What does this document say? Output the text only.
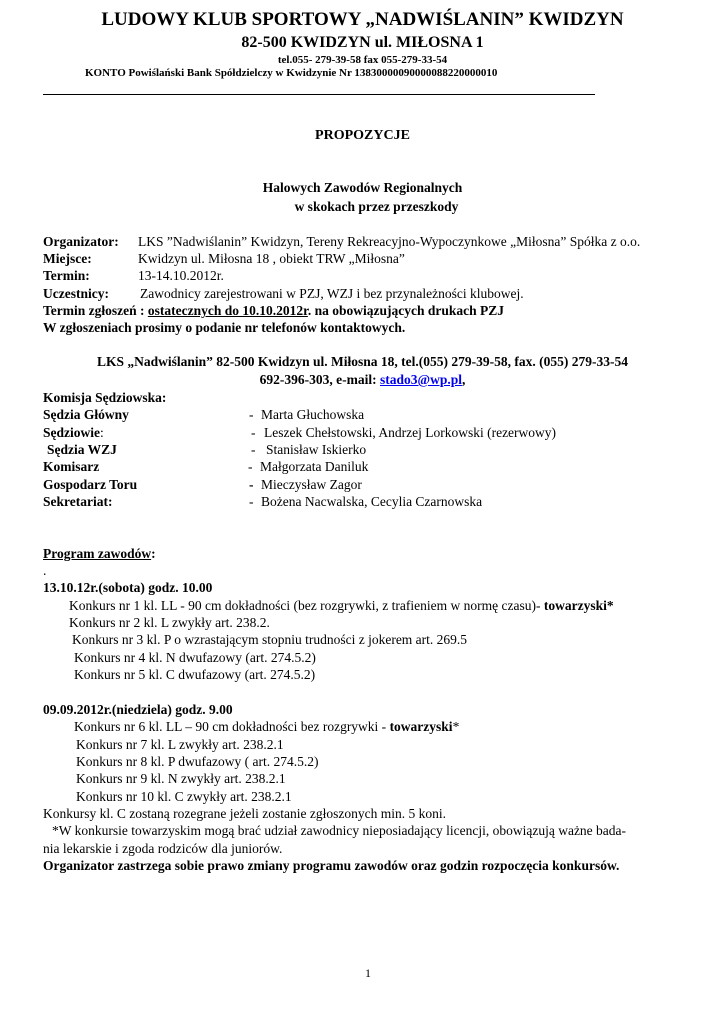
LUDOWY KLUB SPORTOWY „NADWIŚLANIN” KWIDZYN
82-500 KWIDZYN ul. MIŁOSNA 1
tel.055- 279-39-58 fax 055-279-33-54
KONTO Powiślański Bank Spółdzielczy w Kwidzynie Nr 13830000090000088220000010
PROPOZYCJE
Halowych Zawodów Regionalnych
w skokach przez przeszkody
Organizator: LKS ”Nadwiślanin” Kwidzyn, Tereny Rekreacyjno-Wypoczynkowe „Miłosna” Spółka z o.o.
Miejsce:	Kwidzyn ul. Miłosna 18 , obiekt TRW „Miłosna”
Termin:	13-14.10.2012r.
Uczestnicy: Zawodnicy zarejestrowani w PZJ, WZJ i bez przynależności klubowej.
Termin zgłoszeń : ostatecznych do 10.10.2012r. na obowiązujących drukach PZJ
W zgłoszeniach prosimy o podanie nr telefonów kontaktowych.
LKS „Nadwiślanin” 82-500 Kwidzyn ul. Miłosna 18, tel.(055) 279-39-58, fax. (055) 279-33-54
692-396-303, e-mail: stado3@wp.pl,
Komisja Sędziowska:
Sędzia Główny	- Marta Głuchowska
Sędziowie:	- Leszek Chełstowski, Andrzej Lorkowski (rezerwowy)
Sędzia WZJ	- Stanisław Iskierko
Komisarz	- Małgorzata Daniluk
Gospodarz Toru	- Mieczysław Zagor
Sekretariat:	- Bożena Nacwalska, Cecylia Czarnowska
Program zawodów:
.
13.10.12r.(sobota) godz. 10.00
Konkurs nr 1 kl. LL - 90 cm dokładności (bez rozgrywki, z trafieniem w normę czasu)- towarzyski*
Konkurs nr 2 kl. L zwykły art. 238.2.
Konkurs nr 3 kl. P o wzrastającym stopniu trudności z jokerem art. 269.5
Konkurs nr 4 kl. N dwufazowy (art. 274.5.2)
Konkurs nr 5 kl. C dwufazowy (art. 274.5.2)
09.09.2012r.(niedziela) godz. 9.00
Konkurs nr 6 kl. LL – 90 cm dokładności bez rozgrywki - towarzyski*
Konkurs nr 7 kl. L zwykły art. 238.2.1
Konkurs nr 8 kl. P dwufazowy ( art. 274.5.2)
Konkurs nr 9 kl. N zwykły art. 238.2.1
Konkurs nr 10 kl. C zwykły art. 238.2.1
Konkursy kl. C zostaną rozegrane jeżeli zostanie zgłoszonych min. 5 koni.
*W konkursie towarzyskim mogą brać udział zawodnicy nieposiadający licencji, obowiązują ważne bada-
nia lekarskie i zgoda rodziców dla juniorów.
Organizator zastrzega sobie prawo zmiany programu zawodów oraz godzin rozpoczęcia konkursów.
1
